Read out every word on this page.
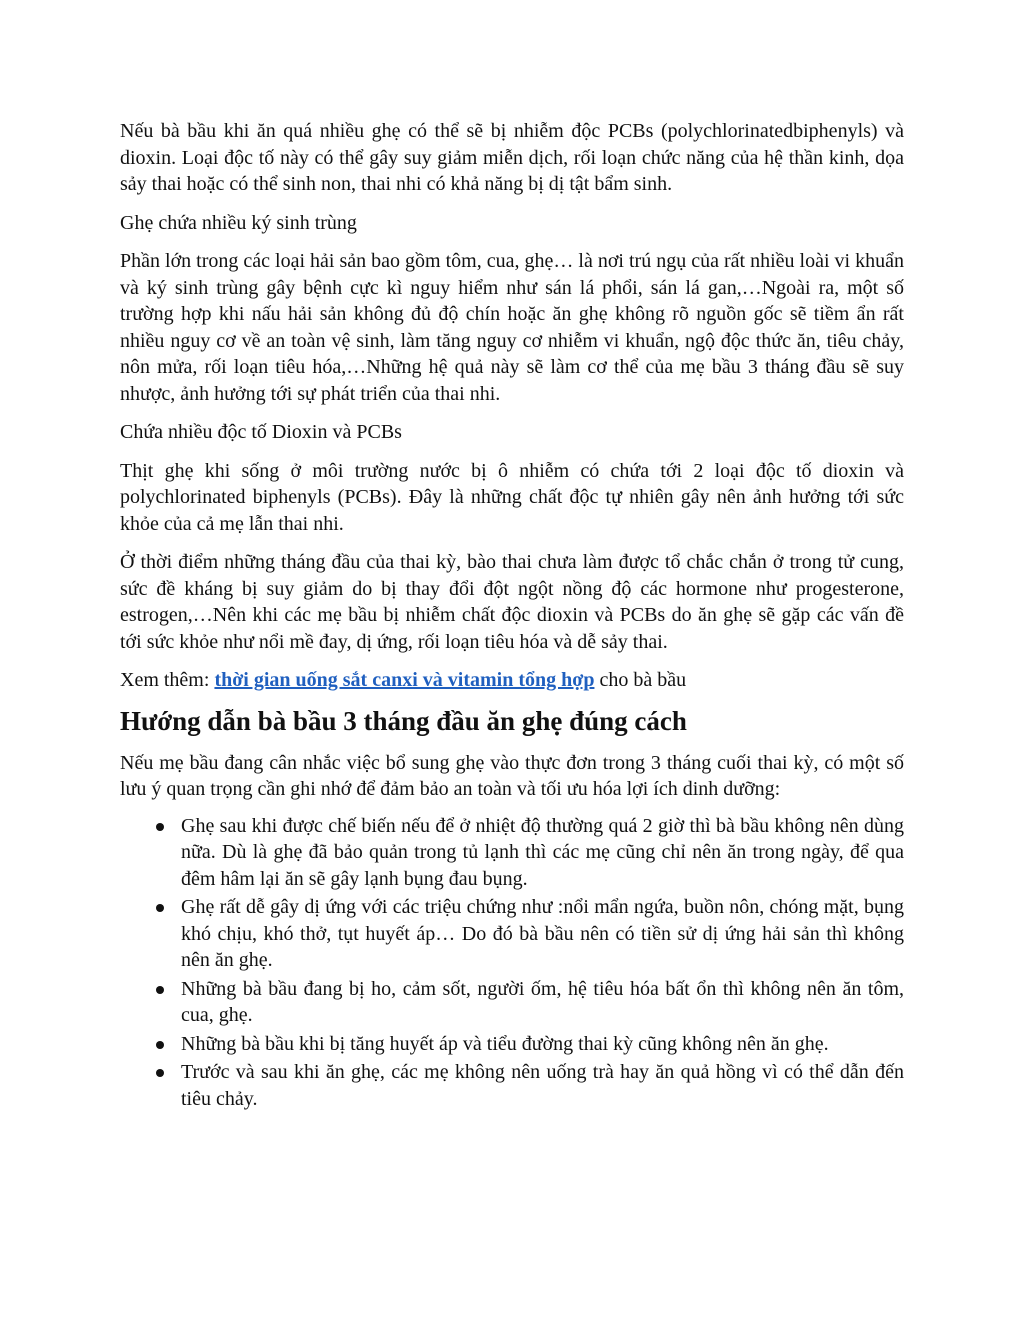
Nếu bà bầu khi ăn quá nhiều ghẹ có thể sẽ bị nhiễm độc PCBs (polychlorinatedbiphenyls) và dioxin. Loại độc tố này có thể gây suy giảm miễn dịch, rối loạn chức năng của hệ thần kinh, dọa sảy thai hoặc có thể sinh non, thai nhi có khả năng bị dị tật bẩm sinh.

Ghẹ chứa nhiều ký sinh trùng

Phần lớn trong các loại hải sản bao gồm tôm, cua, ghẹ… là nơi trú ngụ của rất nhiều loài vi khuẩn và ký sinh trùng gây bệnh cực kì nguy hiểm như sán lá phổi, sán lá gan,…Ngoài ra, một số trường hợp khi nấu hải sản không đủ độ chín hoặc ăn ghẹ không rõ nguồn gốc sẽ tiềm ẩn rất nhiều nguy cơ về an toàn vệ sinh, làm tăng nguy cơ nhiễm vi khuẩn, ngộ độc thức ăn, tiêu chảy, nôn mửa, rối loạn tiêu hóa,…Những hệ quả này sẽ làm cơ thể của mẹ bầu 3 tháng đầu sẽ suy nhược, ảnh hưởng tới sự phát triển của thai nhi.

Chứa nhiều độc tố Dioxin và PCBs

Thịt ghẹ khi sống ở môi trường nước bị ô nhiễm có chứa tới 2 loại độc tố dioxin và polychlorinated biphenyls (PCBs). Đây là những chất độc tự nhiên gây nên ảnh hưởng tới sức khỏe của cả mẹ lẫn thai nhi.

Ở thời điểm những tháng đầu của thai kỳ, bào thai chưa làm được tổ chắc chắn ở trong tử cung, sức đề kháng bị suy giảm do bị thay đổi đột ngột nồng độ các hormone như progesterone, estrogen,…Nên khi các mẹ bầu bị nhiễm chất độc dioxin và PCBs do ăn ghẹ sẽ gặp các vấn đề tới sức khỏe như nổi mề đay, dị ứng, rối loạn tiêu hóa và dễ sảy thai.

Xem thêm: thời gian uống sắt canxi và vitamin tổng hợp cho bà bầu

Hướng dẫn bà bầu 3 tháng đầu ăn ghẹ đúng cách

Nếu mẹ bầu đang cân nhắc việc bổ sung ghẹ vào thực đơn trong 3 tháng cuối thai kỳ, có một số lưu ý quan trọng cần ghi nhớ để đảm bảo an toàn và tối ưu hóa lợi ích dinh dưỡng:

Ghẹ sau khi được chế biến nếu để ở nhiệt độ thường quá 2 giờ thì bà bầu không nên dùng nữa. Dù là ghẹ đã bảo quản trong tủ lạnh thì các mẹ cũng chỉ nên ăn trong ngày, để qua đêm hâm lại ăn sẽ gây lạnh bụng đau bụng.
Ghẹ rất dễ gây dị ứng với các triệu chứng như :nổi mẩn ngứa, buồn nôn, chóng mặt, bụng khó chịu, khó thở, tụt huyết áp… Do đó bà bầu nên có tiền sử dị ứng hải sản thì không nên ăn ghẹ.
Những bà bầu đang bị ho, cảm sốt, người ốm, hệ tiêu hóa bất ổn thì không nên ăn tôm, cua, ghẹ.
Những bà bầu khi bị tăng huyết áp và tiểu đường thai kỳ cũng không nên ăn ghẹ.
Trước và sau khi ăn ghẹ, các mẹ không nên uống trà hay ăn quả hồng vì có thể dẫn đến tiêu chảy.
